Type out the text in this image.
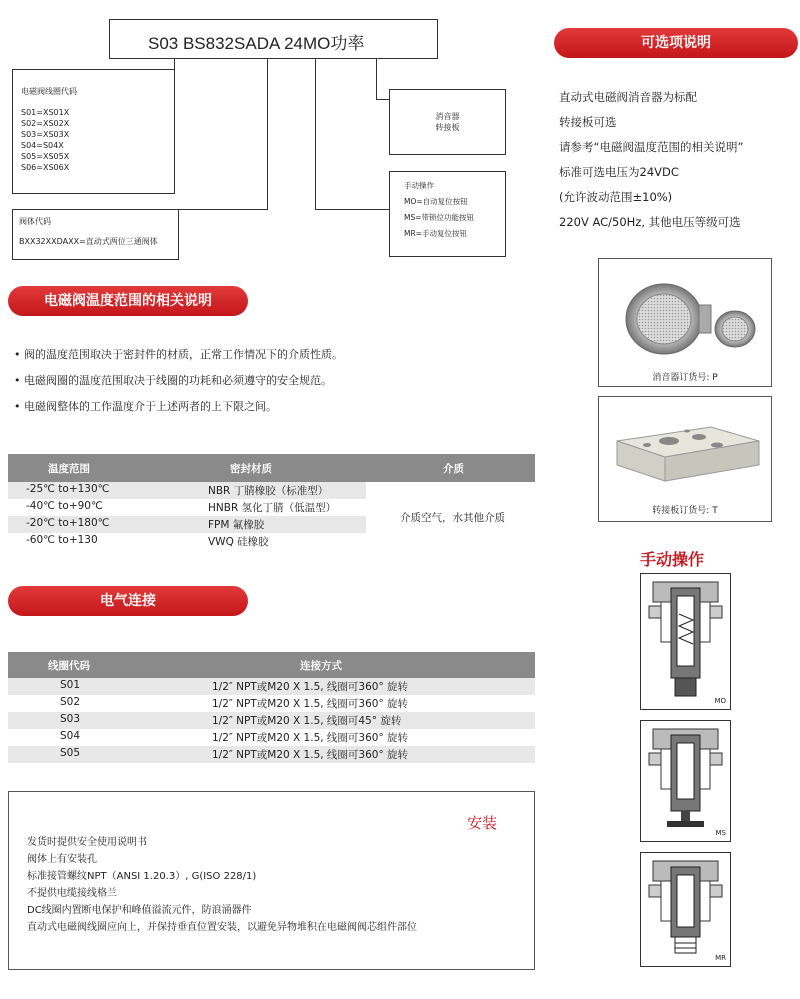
S03 BS832SADA 24MO功率
电磁阀线圈代码
S01=XS01X
S02=XS02X
S03=XS03X
S04=S04X
S05=XS05X
S06=XS06X
阀体代码
BXX32XXDAXX=直动式两位三通阀体
消音器
转接板
手动操作
MO=自动复位按钮
MS=带锁位功能按钮
MR=手动复位按钮
可选项说明
直动式电磁阀消音器为标配
转接板可选
请参考“电磁阀温度范围的相关说明”
标准可选电压为24VDC
(允许波动范围±10%)
220V AC/50Hz, 其他电压等级可选
消音器订货号: P
转接板订货号: T
手动操作
MO
MS
MR
电磁阀温度范围的相关说明
• 阀的温度范围取决于密封件的材质，正常工作情况下的介质性质。
• 电磁阀圈的温度范围取决于线圈的功耗和必须遵守的安全规范。
• 电磁阀整体的工作温度介于上述两者的上下限之间。
温度范围	密封材质	介质
-25℃ to+130℃	NBR 丁腈橡胶（标准型）
-40℃ to+90℃	HNBR 氢化丁腈（低温型）
-20℃ to+180℃	FPM 氟橡胶
-60℃ to+130	VWQ 硅橡胶
介质空气，水其他介质
电气连接
线圈代码	连接方式
S01	1/2″ NPT或M20 X 1.5, 线圈可360° 旋转
S02	1/2″ NPT或M20 X 1.5, 线圈可360° 旋转
S03	1/2″ NPT或M20 X 1.5, 线圈可45° 旋转
S04	1/2″ NPT或M20 X 1.5, 线圈可360° 旋转
S05	1/2″ NPT或M20 X 1.5, 线圈可360° 旋转
安装
发货时提供安全使用说明书
阀体上有安装孔
标准接管螺纹NPT（ANSI 1.20.3）, G(ISO 228/1)
不提供电缆接线格兰
DC线圈内置断电保护和峰值溢流元件，防浪涌器件
直动式电磁阀线圈应向上，并保持垂直位置安装，以避免异物堆积在电磁阀阀芯组件部位
